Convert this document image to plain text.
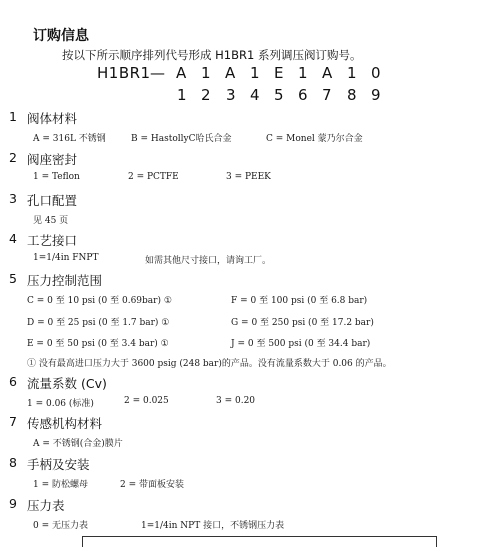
订购信息
按以下所示顺序排列代号形成 H1BR1 系列调压阀订购号。
H1BR1 — A 1 A 1 E 1 A 1 0
1 2 3 4 5 6 7 8 9
1 阀体材料
A = 316L 不锈钢	B = HastollyC哈氏合金	C = Monel 蒙乃尔合金
2 阀座密封
1 = Teflon	2 = PCTFE	3 = PEEK
3 孔口配置
见 45 页
4 工艺接口
1=1/4in FNPT	如需其他尺寸接口，请询工厂。
5 压力控制范围
C = 0 至 10 psi (0 至 0.69bar) ①	F = 0 至 100 psi (0 至 6.8 bar)
D = 0 至 25 psi (0 至 1.7 bar) ①	G = 0 至 250 psi (0 至 17.2 bar)
E = 0 至 50 psi (0 至 3.4 bar) ①	J = 0 至 500 psi (0 至 34.4 bar)
① 没有最高进口压力大于 3600 psig (248 bar)的产品。没有流量系数大于 0.06 的产品。
6 流量系数 (Cv)
1 = 0.06 (标准)	2 = 0.025	3 = 0.20
7 传感机构材料
A = 不锈钢(合金)膜片
8 手柄及安装
1 = 防松螺母	2 = 带面板安装
9 压力表
0 = 无压力表	1=1/4in NPT 接口，不锈钢压力表
